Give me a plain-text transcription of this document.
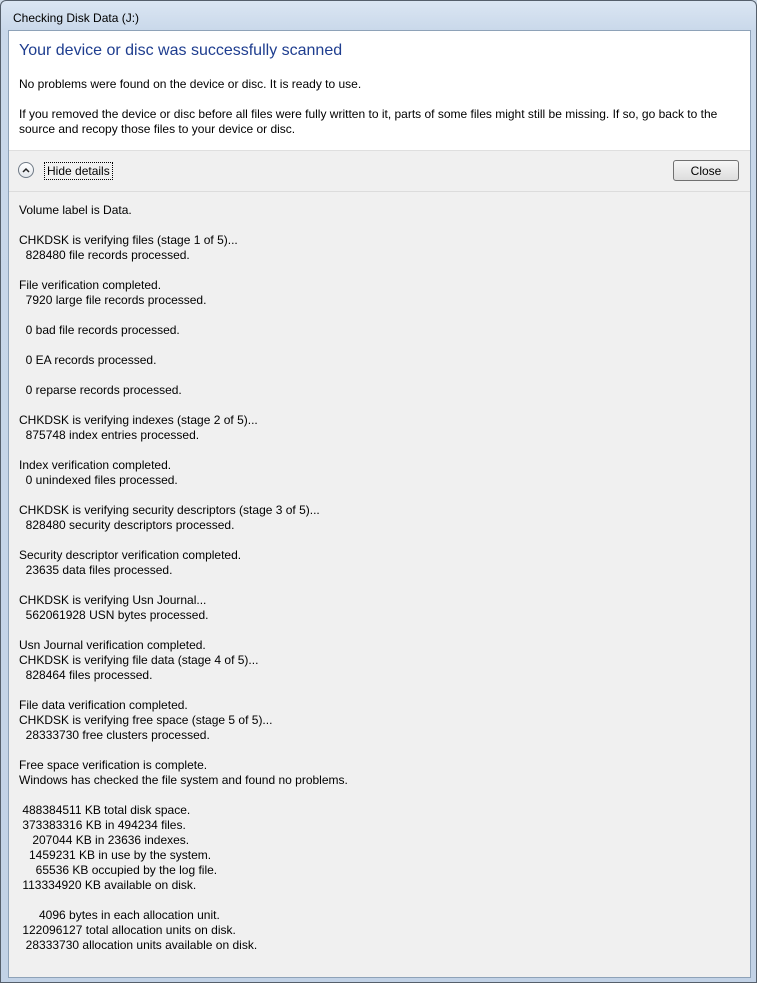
Checking Disk Data (J:)
Your device or disc was successfully scanned
No problems were found on the device or disc. It is ready to use.
If you removed the device or disc before all files were fully written to it, parts of some files might still be missing. If so, go back to the source and recopy those files to your device or disc.
Hide details	Close
Volume label is Data.

CHKDSK is verifying files (stage 1 of 5)...
828480 file records processed.

File verification completed.
7920 large file records processed.

0 bad file records processed.

0 EA records processed.

0 reparse records processed.

CHKDSK is verifying indexes (stage 2 of 5)...
875748 index entries processed.

Index verification completed.
0 unindexed files processed.

CHKDSK is verifying security descriptors (stage 3 of 5)...
828480 security descriptors processed.

Security descriptor verification completed.
23635 data files processed.

CHKDSK is verifying Usn Journal...
562061928 USN bytes processed.

Usn Journal verification completed.
CHKDSK is verifying file data (stage 4 of 5)...
828464 files processed.

File data verification completed.
CHKDSK is verifying free space (stage 5 of 5)...
28333730 free clusters processed.

Free space verification is complete.
Windows has checked the file system and found no problems.

488384511 KB total disk space.
373383316 KB in 494234 files.
207044 KB in 23636 indexes.
1459231 KB in use by the system.
65536 KB occupied by the log file.
113334920 KB available on disk.

4096 bytes in each allocation unit.
122096127 total allocation units on disk.
28333730 allocation units available on disk.
